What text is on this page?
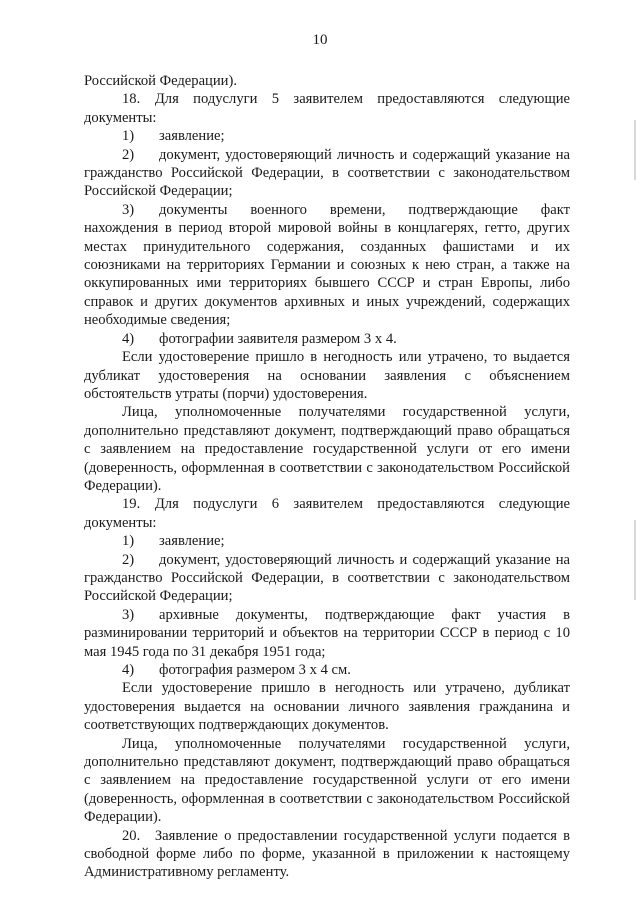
10

Российской Федерации).

18. Для подуслуги 5 заявителем предоставляются следующие документы:

1) заявление;

2) документ, удостоверяющий личность и содержащий указание на гражданство Российской Федерации, в соответствии с законодательством Российской Федерации;

3) документы военного времени, подтверждающие факт нахождения в период второй мировой войны в концлагерях, гетто, других местах принудительного содержания, созданных фашистами и их союзниками на территориях Германии и союзных к нею стран, а также на оккупированных ими территориях бывшего СССР и стран Европы, либо справок и других документов архивных и иных учреждений, содержащих необходимые сведения;

4) фотографии заявителя размером 3 х 4.

Если удостоверение пришло в негодность или утрачено, то выдается дубликат удостоверения на основании заявления с объяснением обстоятельств утраты (порчи) удостоверения.

Лица, уполномоченные получателями государственной услуги, дополнительно представляют документ, подтверждающий право обращаться с заявлением на предоставление государственной услуги от его имени (доверенность, оформленная в соответствии с законодательством Российской Федерации).

19. Для подуслуги 6 заявителем предоставляются следующие документы:

1) заявление;

2) документ, удостоверяющий личность и содержащий указание на гражданство Российской Федерации, в соответствии с законодательством Российской Федерации;

3) архивные документы, подтверждающие факт участия в разминировании территорий и объектов на территории СССР в период с 10 мая 1945 года по 31 декабря 1951 года;

4) фотография размером 3 х 4 см.

Если удостоверение пришло в негодность или утрачено, дубликат удостоверения выдается на основании личного заявления гражданина и соответствующих подтверждающих документов.

Лица, уполномоченные получателями государственной услуги, дополнительно представляют документ, подтверждающий право обращаться с заявлением на предоставление государственной услуги от его имени (доверенность, оформленная в соответствии с законодательством Российской Федерации).

20. Заявление о предоставлении государственной услуги подается в свободной форме либо по форме, указанной в приложении к настоящему Административному регламенту.
